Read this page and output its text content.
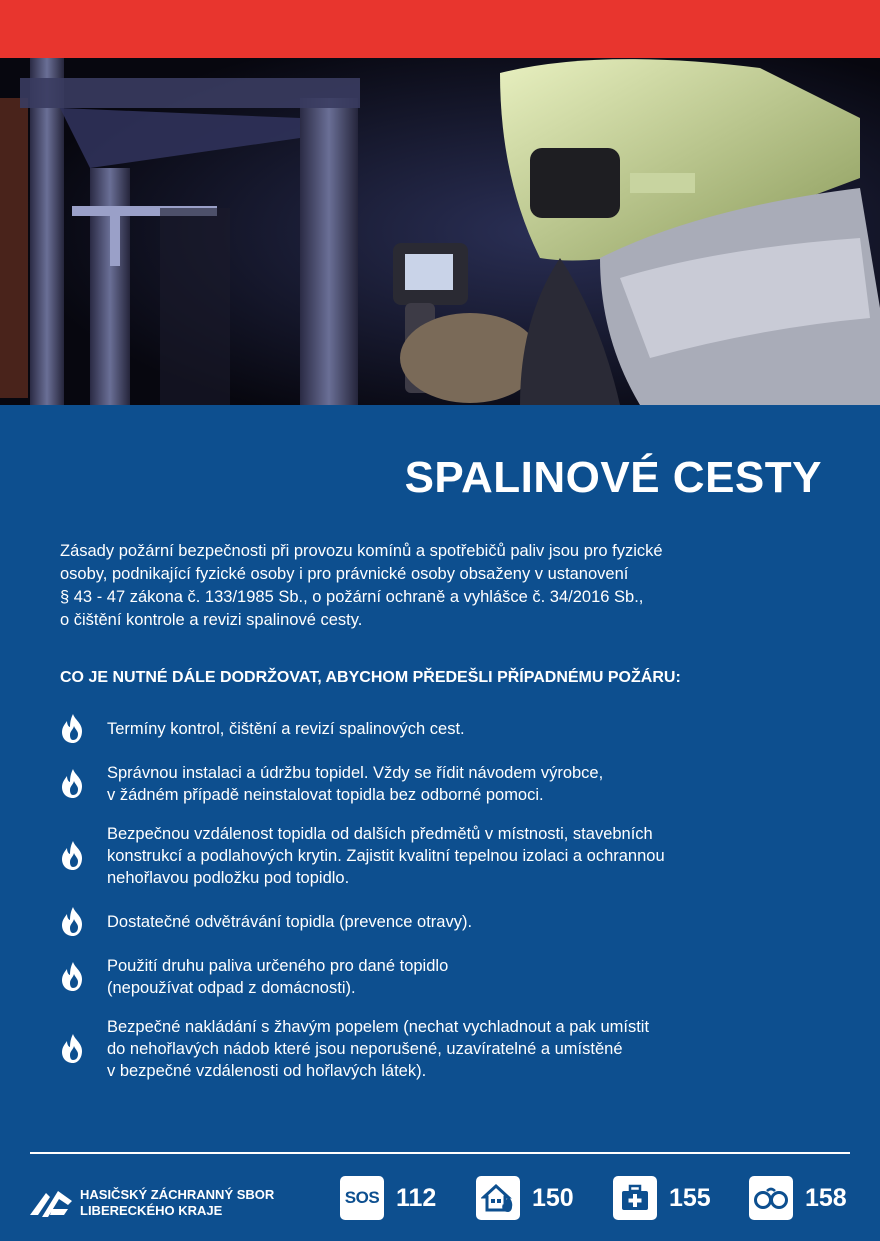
SPALINOVÉ CESTY

Zásady požární bezpečnosti při provozu komínů a spotřebičů paliv jsou pro fyzické
osoby, podnikající fyzické osoby i pro právnické osoby obsaženy v ustanovení
§ 43 - 47 zákona č. 133/1985 Sb., o požární ochraně a vyhlášce č. 34/2016 Sb.,
o čištění kontrole a revizi spalinové cesty.

CO JE NUTNÉ DÁLE DODRŽOVAT, ABYCHOM PŘEDEŠLI PŘÍPADNÉMU POŽÁRU:
Termíny kontrol, čištění a revizí spalinových cest.
Správnou instalaci a údržbu topidel. Vždy se řídit návodem výrobce,
v žádném případě neinstalovat topidla bez odborné pomoci.
Bezpečnou vzdálenost topidla od dalších předmětů v místnosti, stavebních
konstrukcí a podlahových krytin. Zajistit kvalitní tepelnou izolaci a ochrannou
nehořlavou podložku pod topidlo.
Dostatečné odvětrávání topidla (prevence otravy).
Použití druhu paliva určeného pro dané topidlo
(nepoužívat odpad z domácnosti).
Bezpečné nakládání s žhavým popelem (nechat vychladnout a pak umístit
do nehořlavých nádob které jsou neporušené, uzavíratelné a umístěné
v bezpečné vzdálenosti od hořlavých látek).
HASIČSKÝ ZÁCHRANNÝ SBOR
LIBERECKÉHO KRAJE
SOS 112	150	155	158
